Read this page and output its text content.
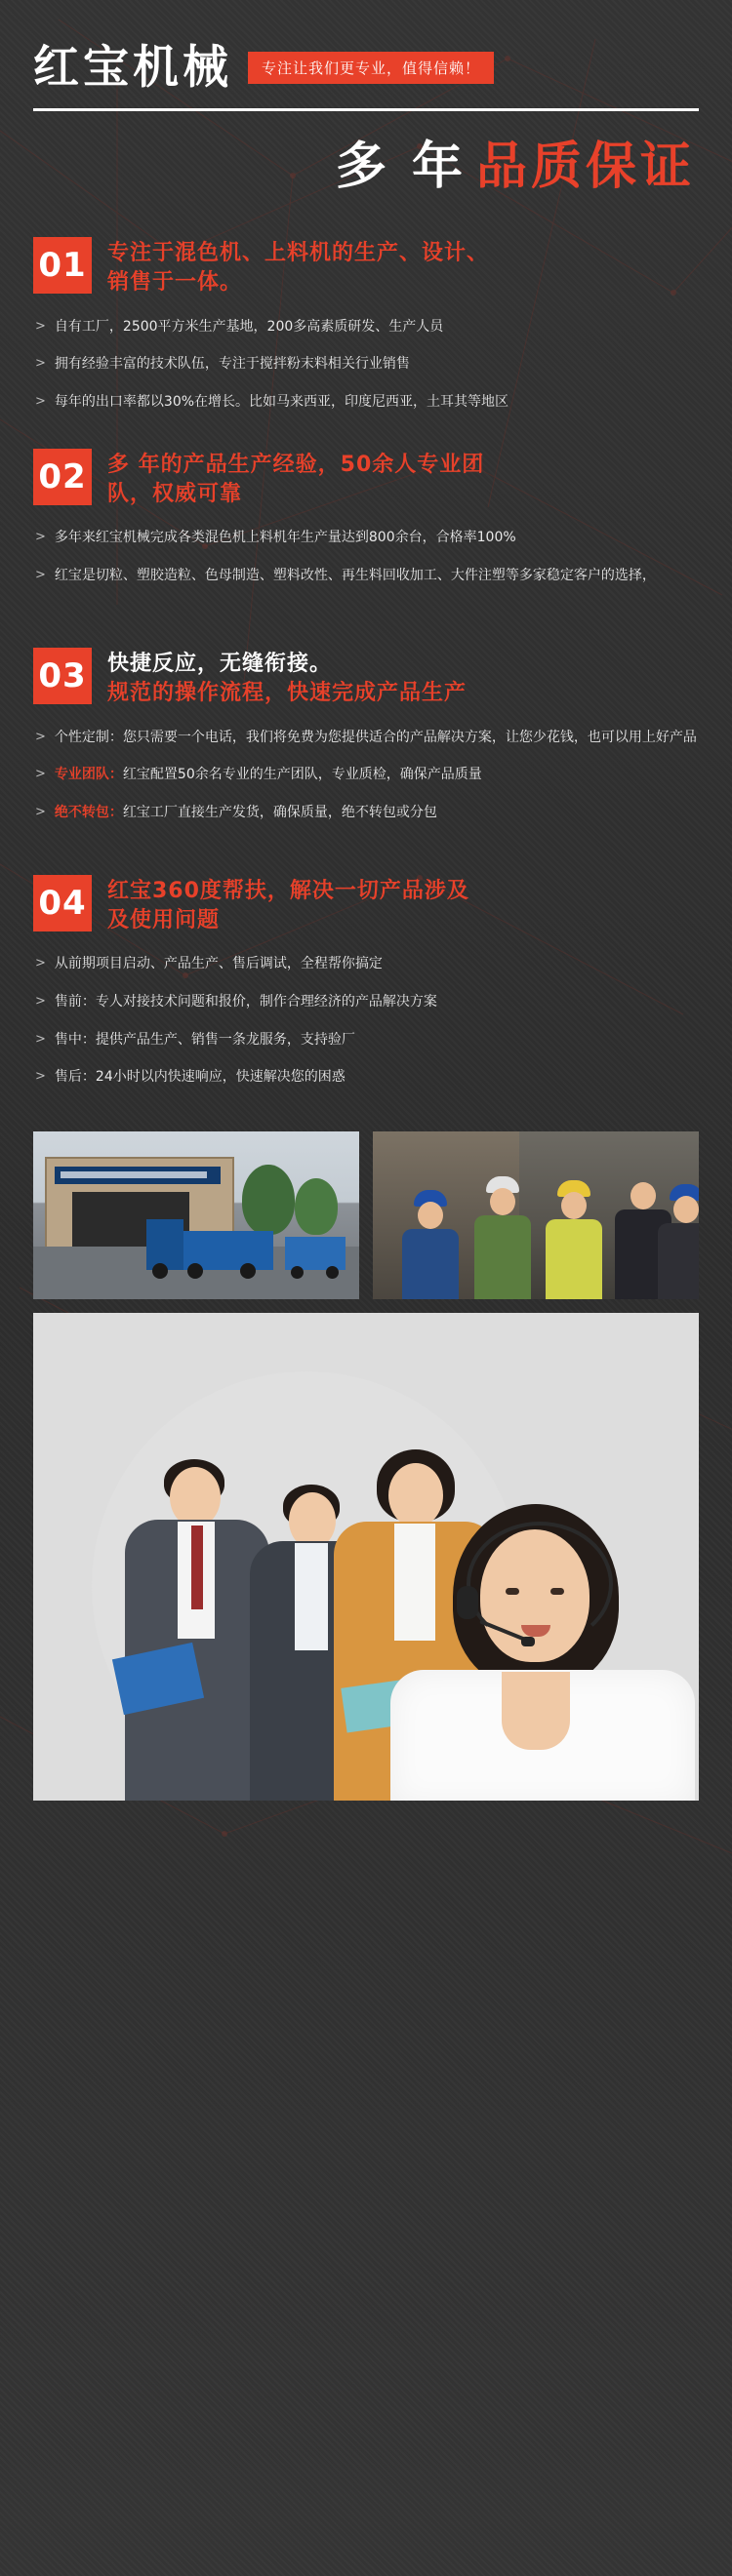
红宝机械	专注让我们更专业，值得信赖！
多 年 品质保证
01 专注于混色机、上料机的生产、设计、
销售于一体。
> 自有工厂，2500平方米生产基地，200多高素质研发、生产人员
> 拥有经验丰富的技术队伍，专注于搅拌粉末料相关行业销售
> 每年的出口率都以30%在增长。比如马来西亚，印度尼西亚，土耳其等地区
02 多 年的产品生产经验，50余人专业团
队，权威可靠
> 多年来红宝机械完成各类混色机上料机年生产量达到800余台，合格率100%
> 红宝是切粒、塑胶造粒、色母制造、塑料改性、再生料回收加工、大件注塑等多家稳定客户的选择，
03 快捷反应，无缝衔接。
规范的操作流程，快速完成产品生产
> 个性定制：您只需要一个电话，我们将免费为您提供适合的产品解决方案，让您少花钱，也可以用上好产品
> 专业团队：红宝配置50余名专业的生产团队，专业质检，确保产品质量
> 绝不转包：红宝工厂直接生产发货，确保质量，绝不转包或分包
04 红宝360度帮扶，解决一切产品涉及
及使用问题
> 从前期项目启动、产品生产、售后调试，全程帮你搞定
> 售前：专人对接技术问题和报价，制作合理经济的产品解决方案
> 售中：提供产品生产、销售一条龙服务，支持验厂
> 售后：24小时以内快速响应，快速解决您的困惑
